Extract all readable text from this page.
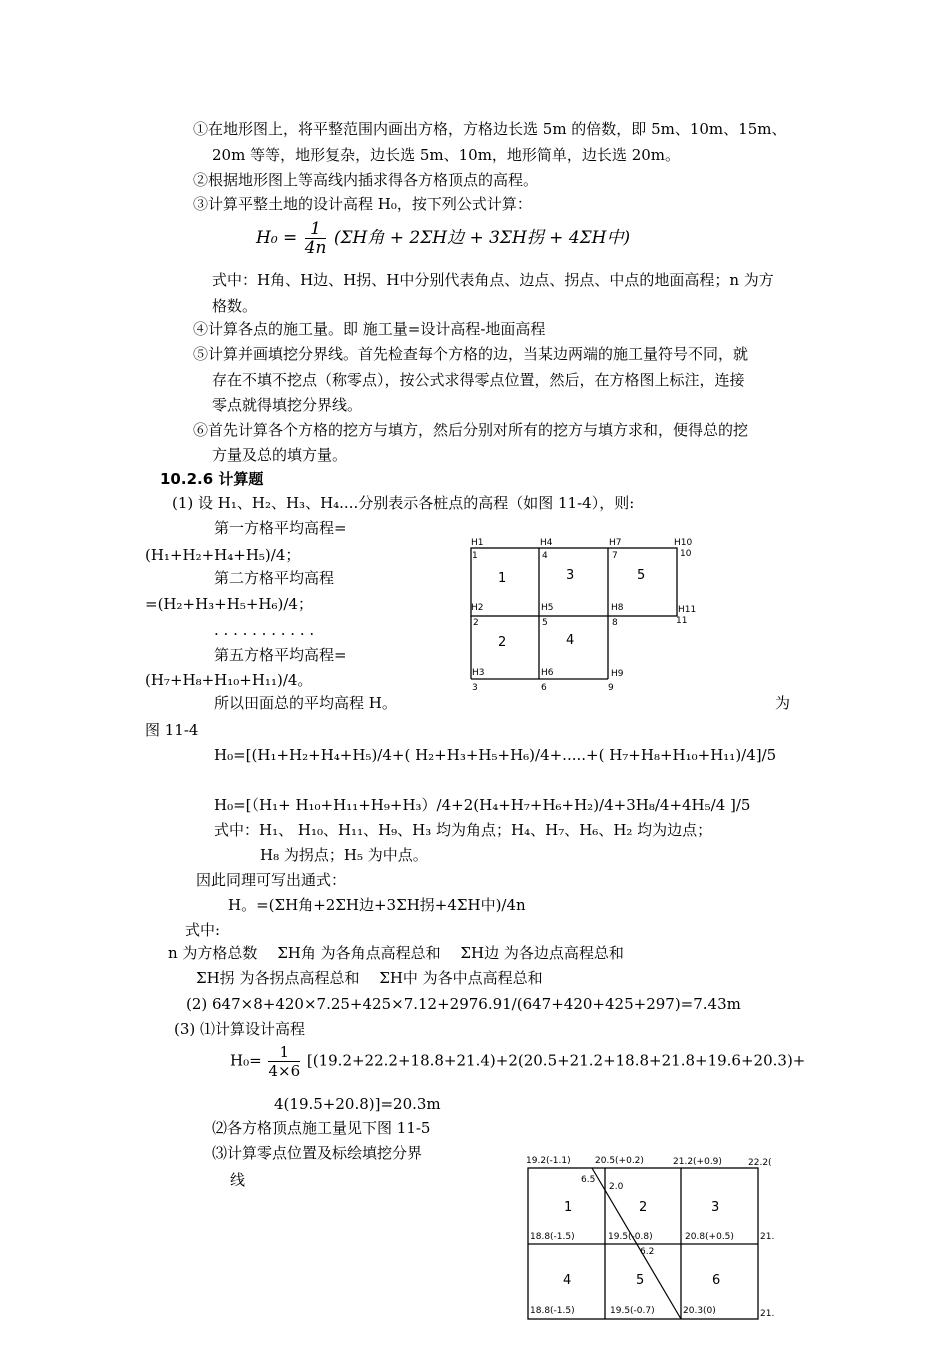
①在地形图上，将平整范围内画出方格，方格边长选 5m 的倍数，即 5m、10m、15m、
20m 等等，地形复杂，边长选 5m、10m，地形简单，边长选 20m。
②根据地形图上等高线内插求得各方格顶点的高程。
③计算平整土地的设计高程 H₀，按下列公式计算：
$H_0 = \frac{1}{4n} (\Sigma H$角 + 2ΣH边 + 3ΣH拐 + 4ΣH中)
式中：H角、H边、H拐、H中分别代表角点、边点、拐点、中点的地面高程；n 为方
格数。
④计算各点的施工量。即 施工量=设计高程-地面高程
⑤计算并画填挖分界线。首先检查每个方格的边，当某边两端的施工量符号不同，就
存在不填不挖点（称零点），按公式求得零点位置，然后，在方格图上标注，连接
零点就得填挖分界线。
⑥首先计算各个方格的挖方与填方，然后分别对所有的挖方与填方求和，便得总的挖
方量及总的填方量。
10.2.6 计算题
(1) 设 H₁、H₂、H₃、H₄....分别表示各桩点的高程（如图 11-4），则:
第一方格平均高程=
(H₁+H₂+H₄+H₅)/4；
第二方格平均高程
=(H₂+H₃+H₅+H₆)/4；
. . . . . . . . . . .
第五方格平均高程=
(H₇+H₈+H₁₀+H₁₁)/4。
所以田面总的平均高程 H。	为
图 11-4
H1	H4	H7	H10
1	4	7	10
H2	H5	H8	H11
2	5	8	11
H3	H6	H9
3	6	9
1	3	5
2	4
H₀=[(H₁+H₂+H₄+H₅)/4+( H₂+H₃+H₅+H₆)/4+.....+( H₇+H₈+H₁₀+H₁₁)/4]/5
H₀=[（H₁+ H₁₀+H₁₁+H₉+H₃）/4+2(H₄+H₇+H₆+H₂)/4+3H₈/4+4H₅/4 ]/5
式中：H₁、 H₁₀、H₁₁、H₉、H₃ 均为角点；H₄、H₇、H₆、H₂ 均为边点；
H₈ 为拐点；H₅ 为中点。
因此同理可写出通式：
H。=(ΣH角+2ΣH边+3ΣH拐+4ΣH中)/4n
式中:
n 为方格总数　 ΣH角 为各角点高程总和　 ΣH边 为各边点高程总和
ΣH拐 为各拐点高程总和　 ΣH中 为各中点高程总和
(2) 647×8+420×7.25+425×7.12+2976.91/(647+420+425+297)=7.43m
(3) ⑴计算设计高程
$H_0= \frac{1}{4\times 6} [(19.2+22.2+18.8+21.4)+2(20.5+21.2+18.8+21.8+19.6+20.3)+$
4(19.5+20.8)]=20.3m
⑵各方格顶点施工量见下图 11-5
⑶计算零点位置及标绘填挖分界
线
19.2(-1.1)	20.5(+0.2)	21.2(+0.9)	22.2(
6.5
2.0
18.8(-1.5)	19.5(-0.8)	20.8(+0.5)	21.
6.2
18.8(-1.5)	19.5(-0.7)	20.3(0)	21.
1	2	3
4	5	6
